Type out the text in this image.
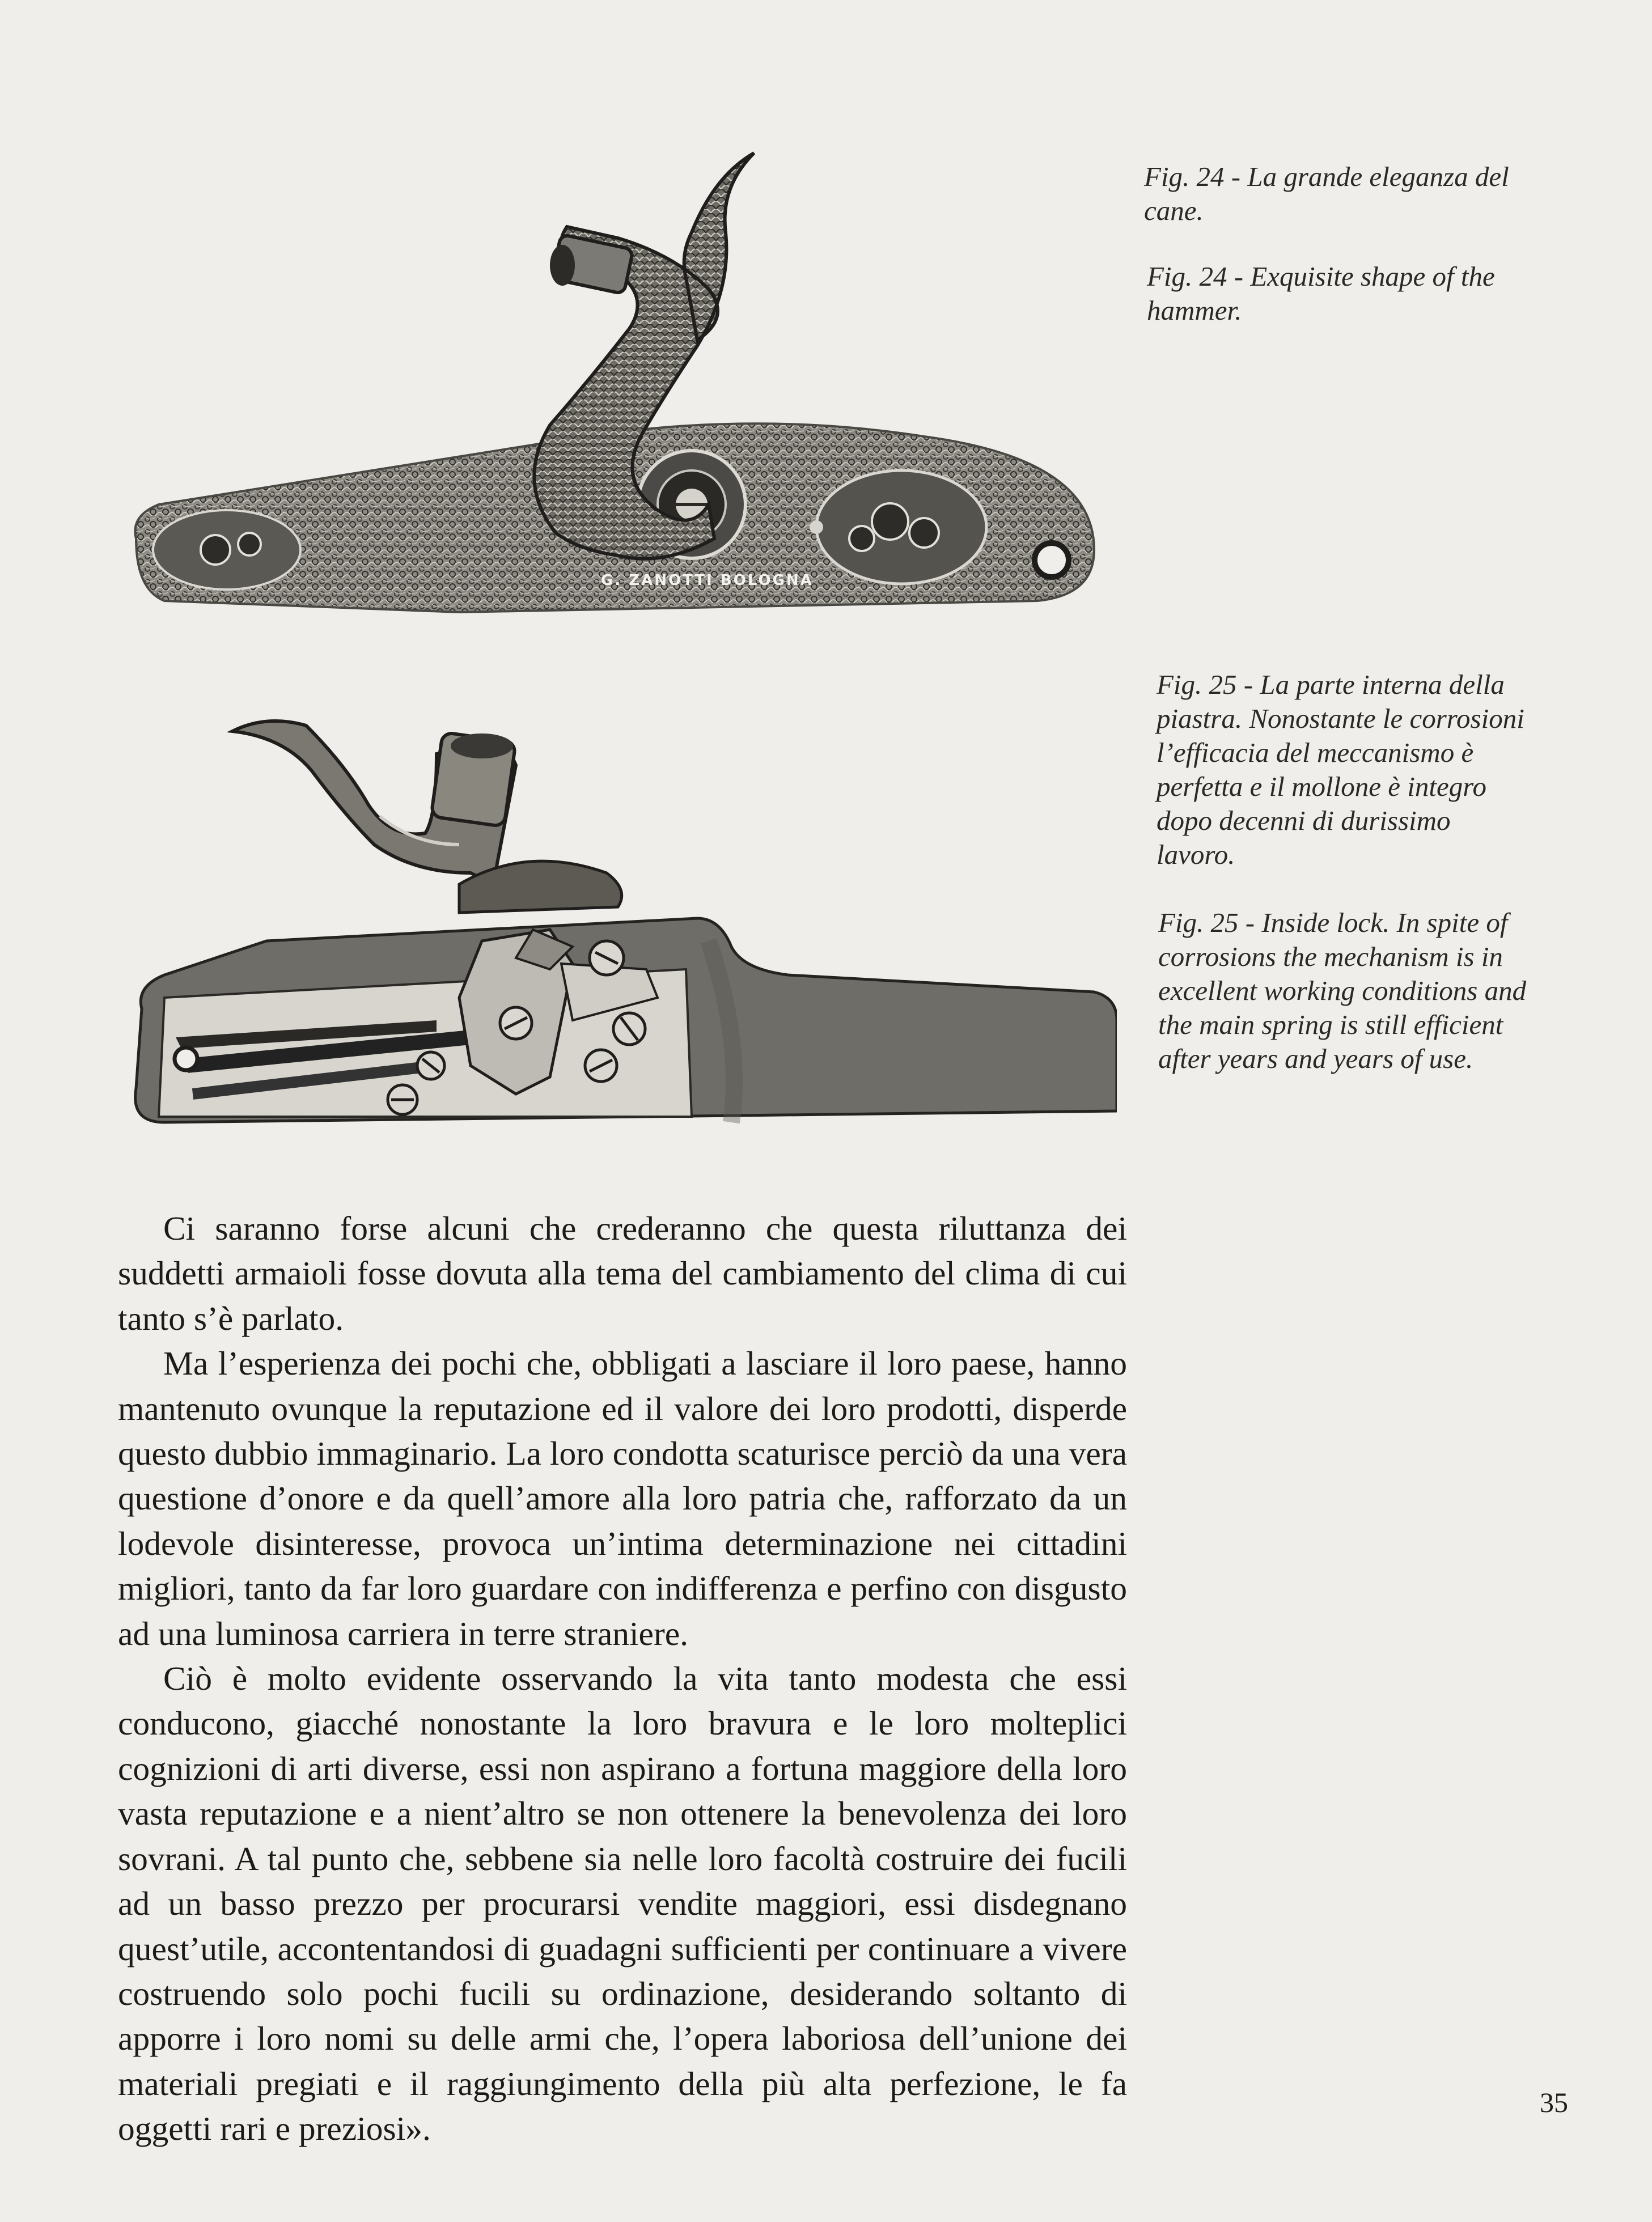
G. ZANOTTI BOLOGNA

Fig. 24 - La grande eleganza del cane.

Fig. 24 - Exquisite shape of the hammer.

Fig. 25 - La parte interna della piastra. Nonostante le corrosioni l’efficacia del meccanismo è perfetta e il mollone è integro dopo decenni di durissimo lavoro.

Fig. 25 - Inside lock. In spite of corrosions the mechanism is in excellent working conditions and the main spring is still efficient after years and years of use.

Ci saranno forse alcuni che crederanno che questa riluttanza dei suddetti armaioli fosse dovuta alla tema del cambiamento del clima di cui tanto s’è parlato.

Ma l’esperienza dei pochi che, obbligati a lasciare il loro paese, hanno mantenuto ovunque la reputazione ed il valore dei loro prodotti, disperde questo dubbio immaginario. La loro condotta scaturisce perciò da una vera questione d’onore e da quell’amore alla loro patria che, rafforzato da un lodevole disinteresse, provoca un’intima determinazione nei cittadini migliori, tanto da far loro guardare con indifferenza e perfino con disgusto ad una luminosa carriera in terre straniere.

Ciò è molto evidente osservando la vita tanto modesta che essi conducono, giacché nonostante la loro bravura e le loro molteplici cognizioni di arti diverse, essi non aspirano a fortuna maggiore della loro vasta reputazione e a nient’altro se non ottenere la benevolenza dei loro sovrani. A tal punto che, sebbene sia nelle loro facoltà costruire dei fucili ad un basso prezzo per procurarsi vendite maggiori, essi disdegnano quest’utile, accontentandosi di guadagni sufficienti per continuare a vivere costruendo solo pochi fucili su ordinazione, desiderando soltanto di apporre i loro nomi su delle armi che, l’opera laboriosa dell’unione dei materiali pregiati e il raggiungimento della più alta perfezione, le fa oggetti rari e preziosi».

35
